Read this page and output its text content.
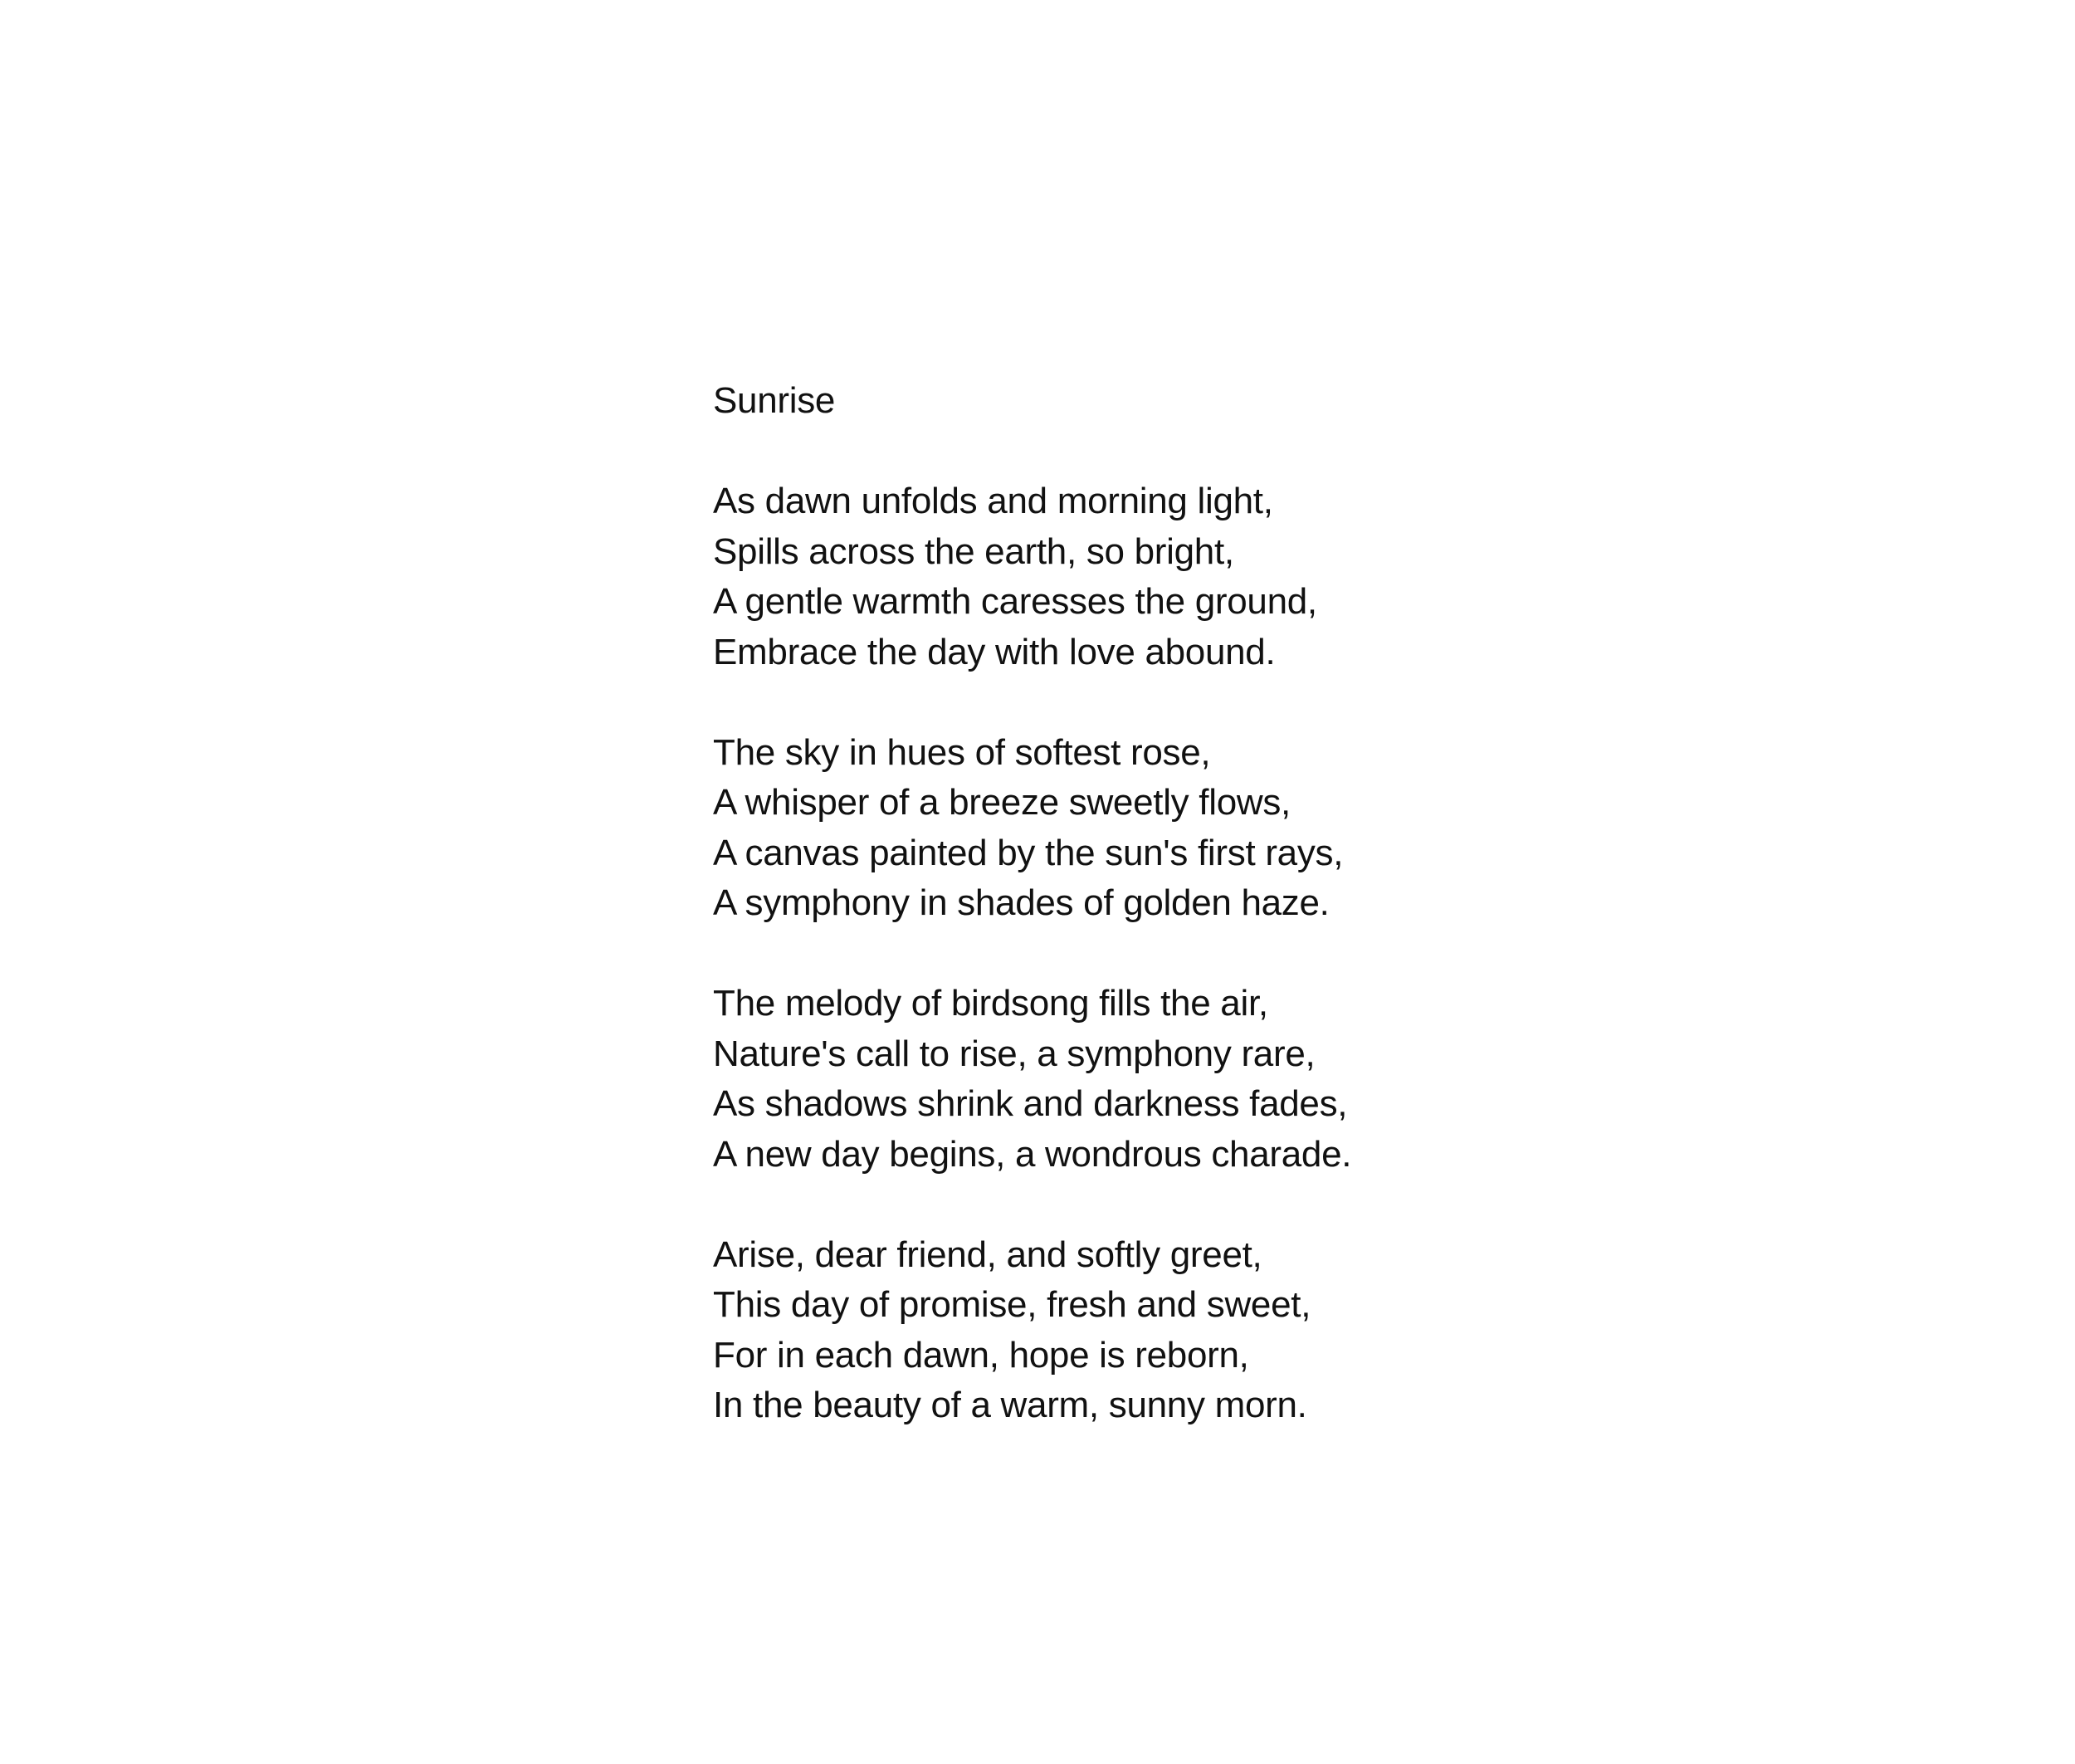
Sunrise
As dawn unfolds and morning light,
Spills across the earth, so bright,
A gentle warmth caresses the ground,
Embrace the day with love abound.
The sky in hues of softest rose,
A whisper of a breeze sweetly flows,
A canvas painted by the sun's first rays,
A symphony in shades of golden haze.
The melody of birdsong fills the air,
Nature's call to rise, a symphony rare,
As shadows shrink and darkness fades,
A new day begins, a wondrous charade.
Arise, dear friend, and softly greet,
This day of promise, fresh and sweet,
For in each dawn, hope is reborn,
In the beauty of a warm, sunny morn.
